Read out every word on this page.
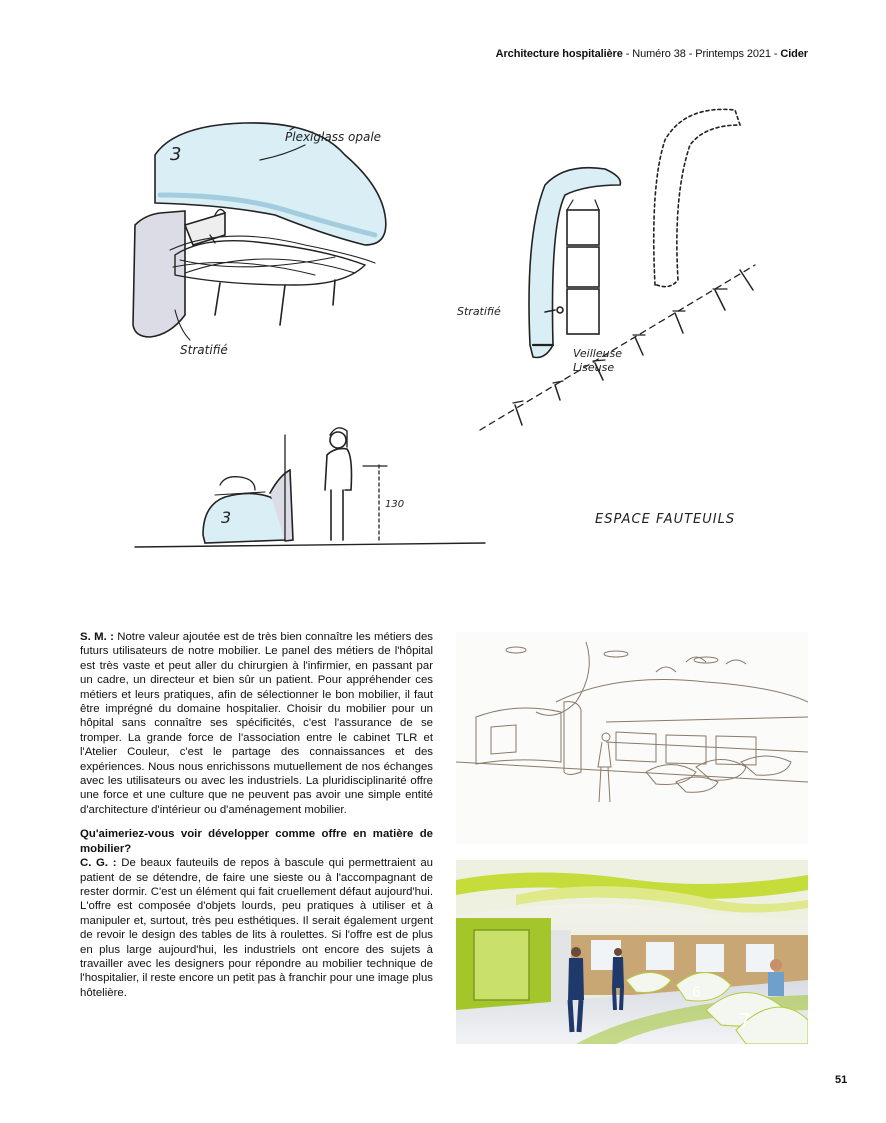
Architecture hospitalière - Numéro 38 - Printemps 2021 - Cider
3
Plexiglass opale
Stratifié
Stratifié
Veilleuse
Liseuse
3
130
ESPACE FAUTEUILS

S. M. : Notre valeur ajoutée est de très bien connaître les métiers des futurs utilisateurs de notre mobilier. Le panel des métiers de l'hôpital est très vaste et peut aller du chirurgien à l'infirmier, en passant par un cadre, un directeur et bien sûr un patient. Pour appréhender ces métiers et leurs pratiques, afin de sélectionner le bon mobilier, il faut être imprégné du domaine hospitalier. Choisir du mobilier pour un hôpital sans connaître ses spécificités, c'est l'assurance de se tromper. La grande force de l'association entre le cabinet TLR et l'Atelier Couleur, c'est le partage des connaissances et des expériences. Nous nous enrichissons mutuellement de nos échanges avec les utilisateurs ou avec les industriels. La pluridisciplinarité offre une force et une culture que ne peuvent pas avoir une simple entité d'architecture d'intérieur ou d'aménagement mobilier.

Qu'aimeriez-vous voir développer comme offre en matière de mobilier?

C. G. : De beaux fauteuils de repos à bascule qui permettraient au patient de se détendre, de faire une sieste ou à l'accompagnant de rester dormir. C'est un élément qui fait cruellement défaut aujourd'hui. L'offre est composée d'objets lourds, peu pratiques à utiliser et à manipuler et, surtout, très peu esthétiques. Il serait également urgent de revoir le design des tables de lits à roulettes. Si l'offre est de plus en plus large aujourd'hui, les industriels ont encore des sujets à travailler avec les designers pour répondre au mobilier technique de l'hospitalier, il reste encore un petit pas à franchir pour une image plus hôtelière.	6
7
51
